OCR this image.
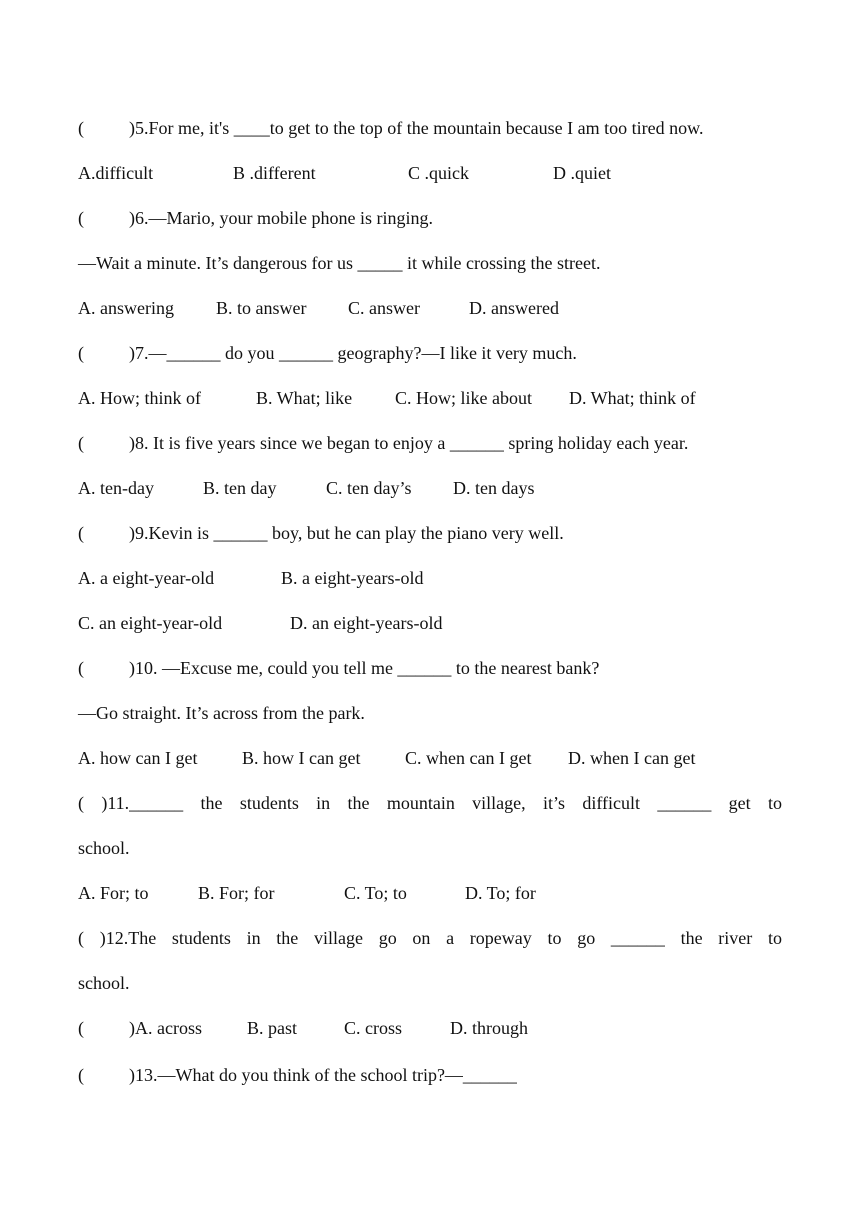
(          )5.For me, it's ____to get to the top of the mountain because I am too tired now.

A.difficult

	B .different

	C .quick

	D .quiet

(          )6.—Mario, your mobile phone is ringing.
—Wait a minute. It’s dangerous for us _____ it while crossing the street.

A. answering

B. to answer

C. answer

	D. answered

(          )7.—______ do you ______ geography?—I like it very much.

A. How; think of

	B. What; like

C. How; like about

D. What; think of

(          )8. It is five years since we began to enjoy a ______ spring holiday each year.

A. ten-day

	B. ten day

	C. ten day’s

D. ten days

(          )9.Kevin is ______ boy, but he can play the piano very well.

A. a eight-year-old

	B. a eight-years-old

C. an eight-year-old

	D. an eight-years-old

(          )10. —Excuse me, could you tell me ______ to the nearest bank?
—Go straight. It’s across from the park.

A. how can I get

B. how I can get

C. when can I get

D. when I can get

( )11.______ the students in the mountain village, it’s difficult ______ get to
school.

A. For; to

	B. For; for

	C. To; to

	D. To; for

( )12.The students in the village go on a ropeway to go ______ the river to
school.

(          )A. across

	B. past

	C. cross

	D. through

(          )13.—What do you think of the school trip?—______
